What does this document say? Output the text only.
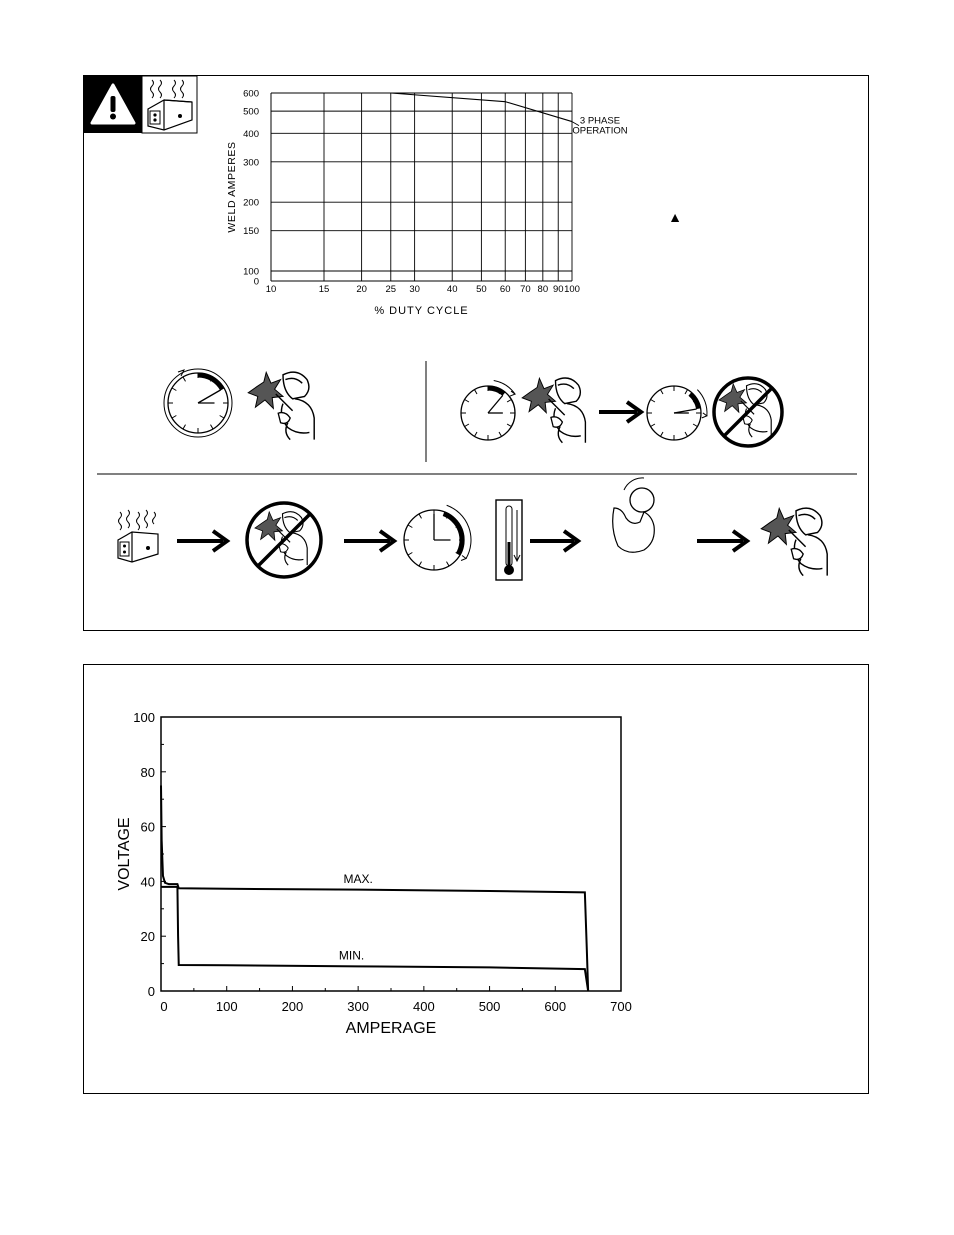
10	15	20 25 30	40 50 60 70 80 90 100
0
100
150
200
300
400
500
600
% DUTY CYCLE
WELD AMPERES
3 PHASE
OPERATION
▲
0	100	200	300	400	500	600	700
0
20
40
60
80
100
AMPERAGE
VOLTAGE	MAX.
MIN.
